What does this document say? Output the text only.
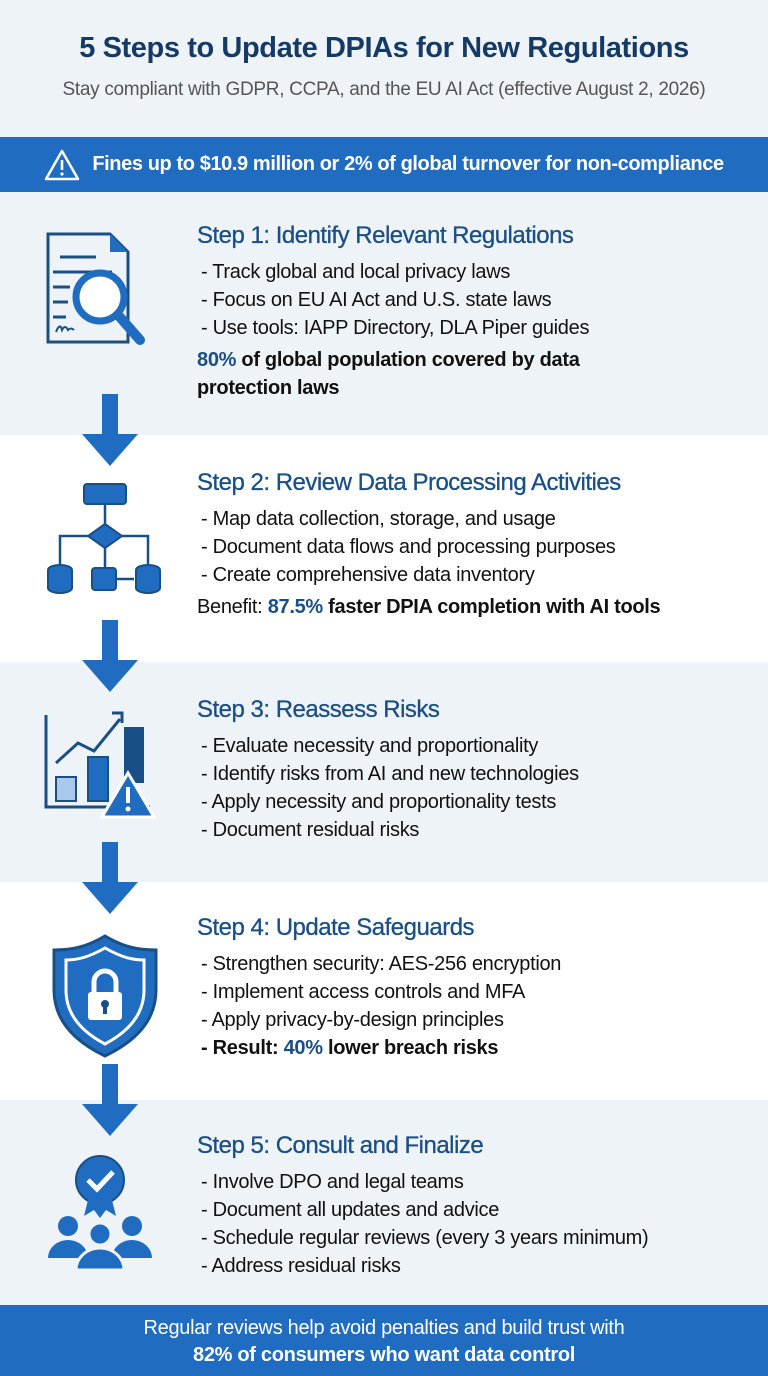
5 Steps to Update DPIAs for New Regulations
Stay compliant with GDPR, CCPA, and the EU AI Act (effective August 2, 2026)
Fines up to $10.9 million or 2% of global turnover for non-compliance
Step 1: Identify Relevant Regulations
- Track global and local privacy laws
- Focus on EU AI Act and U.S. state laws
- Use tools: IAPP Directory, DLA Piper guides
80% of global population covered by data protection laws
Step 2: Review Data Processing Activities
- Map data collection, storage, and usage
- Document data flows and processing purposes
- Create comprehensive data inventory
Benefit: 87.5% faster DPIA completion with AI tools
Step 3: Reassess Risks
- Evaluate necessity and proportionality
- Identify risks from AI and new technologies
- Apply necessity and proportionality tests
- Document residual risks
Step 4: Update Safeguards
- Strengthen security: AES-256 encryption
- Implement access controls and MFA
- Apply privacy-by-design principles
- Result: 40% lower breach risks
Step 5: Consult and Finalize
- Involve DPO and legal teams
- Document all updates and advice
- Schedule regular reviews (every 3 years minimum)
- Address residual risks
Regular reviews help avoid penalties and build trust with
82% of consumers who want data control
